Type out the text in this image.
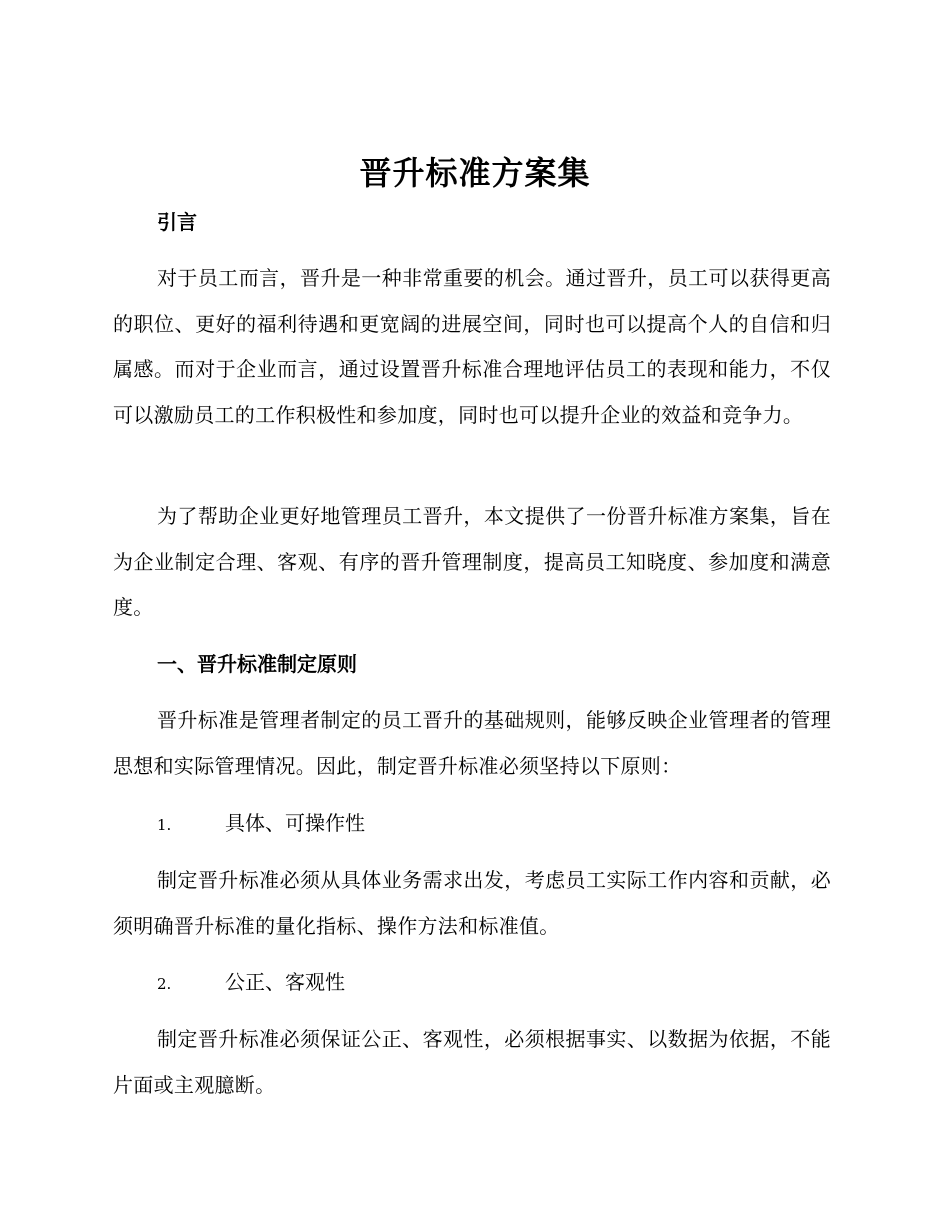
晋升标准方案集
引言
对于员工而言，晋升是一种非常重要的机会。通过晋升，员工可以获得更高的职位、更好的福利待遇和更宽阔的进展空间，同时也可以提高个人的自信和归属感。而对于企业而言，通过设置晋升标准合理地评估员工的表现和能力，不仅可以激励员工的工作积极性和参加度，同时也可以提升企业的效益和竞争力。
为了帮助企业更好地管理员工晋升，本文提供了一份晋升标准方案集，旨在为企业制定合理、客观、有序的晋升管理制度，提高员工知晓度、参加度和满意度。
一、晋升标准制定原则
晋升标准是管理者制定的员工晋升的基础规则，能够反映企业管理者的管理思想和实际管理情况。因此，制定晋升标准必须坚持以下原则：
1.	具体、可操作性
制定晋升标准必须从具体业务需求出发，考虑员工实际工作内容和贡献，必须明确晋升标准的量化指标、操作方法和标准值。
2.	公正、客观性
制定晋升标准必须保证公正、客观性，必须根据事实、以数据为依据，不能片面或主观臆断。
